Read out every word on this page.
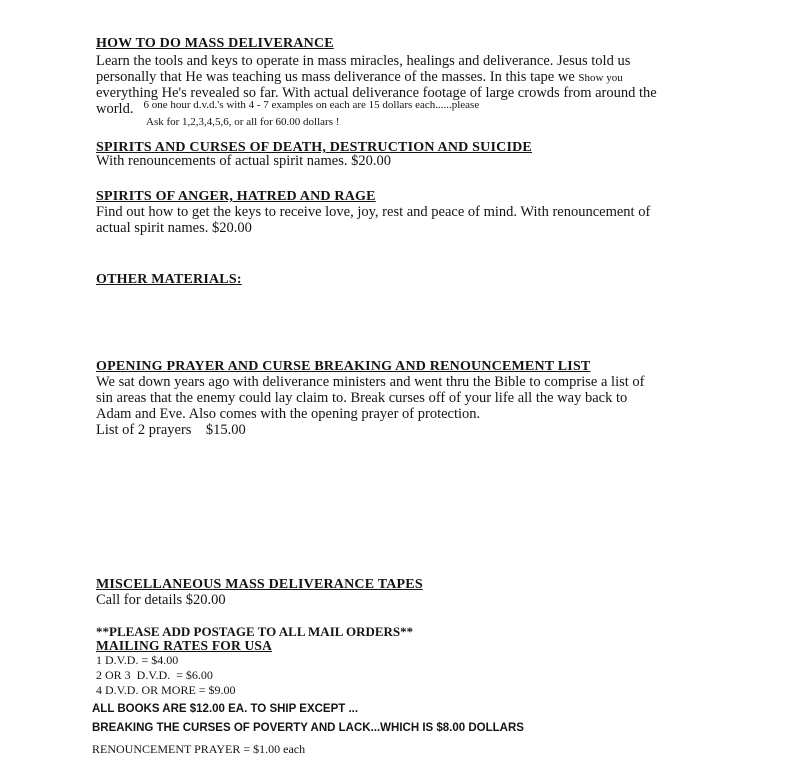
HOW TO DO MASS DELIVERANCE
Learn the tools and keys to operate in mass miracles, healings and deliverance. Jesus told us
personally that He was teaching us mass deliverance of the masses. In this tape we Show you
everything He's revealed so far. With actual deliverance footage of large crowds from around the
world. $^{6 one hour d.v.d.'s with 4 - 7 examples on each are 15 dollars each......please}$
Ask for 1,2,3,4,5,6, or all for 60.00 dollars !
SPIRITS AND CURSES OF DEATH, DESTRUCTION AND SUICIDE
With renouncements of actual spirit names. $20.00
SPIRITS OF ANGER, HATRED AND RAGE
Find out how to get the keys to receive love, joy, rest and peace of mind. With renouncement of
actual spirit names. $20.00
OTHER MATERIALS:
OPENING PRAYER AND CURSE BREAKING AND RENOUNCEMENT LIST
We sat down years ago with deliverance ministers and went thru the Bible to comprise a list of
sin areas that the enemy could lay claim to. Break curses off of your life all the way back to
Adam and Eve. Also comes with the opening prayer of protection.
List of 2 prayers    $15.00
MISCELLANEOUS MASS DELIVERANCE TAPES
Call for details $20.00
**PLEASE ADD POSTAGE TO ALL MAIL ORDERS**
MAILING RATES FOR USA
1 D.V.D. = $4.00
2 OR 3  D.V.D.  = $6.00
4 D.V.D. OR MORE = $9.00
ALL BOOKS ARE $12.00 EA. TO SHIP EXCEPT ...
BREAKING THE CURSES OF POVERTY AND LACK...WHICH IS $8.00 DOLLARS
RENOUNCEMENT PRAYER = $1.00 each
